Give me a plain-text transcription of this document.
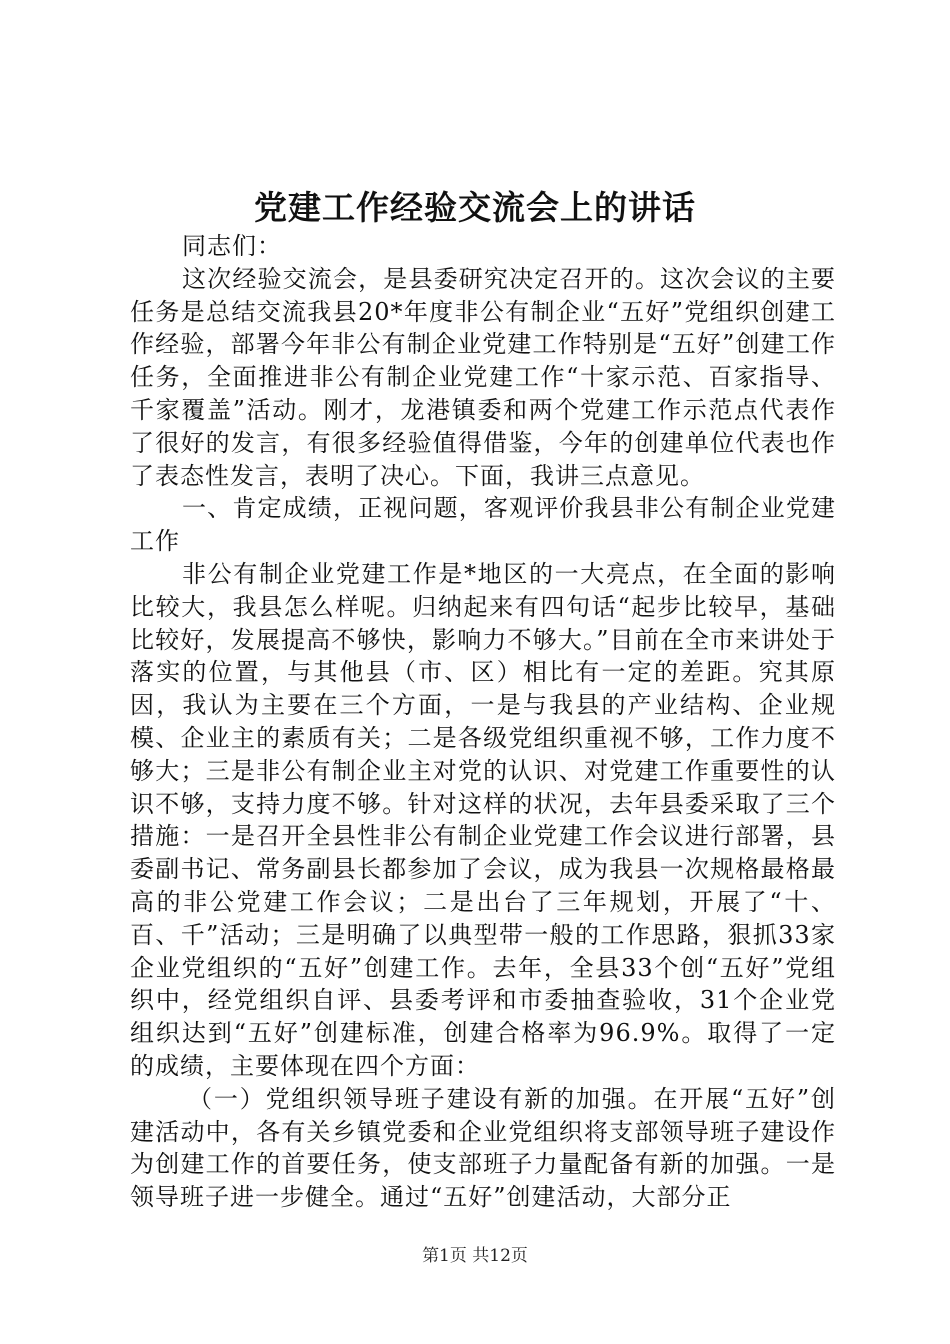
党建工作经验交流会上的讲话

同志们：

这次经验交流会，是县委研究决定召开的。这次会议的主要任务是总结交流我县20*年度非公有制企业“五好”党组织创建工作经验，部署今年非公有制企业党建工作特别是“五好”创建工作任务，全面推进非公有制企业党建工作“十家示范、百家指导、千家覆盖”活动。刚才，龙港镇委和两个党建工作示范点代表作了很好的发言，有很多经验值得借鉴，今年的创建单位代表也作了表态性发言，表明了决心。下面，我讲三点意见。

一、肯定成绩，正视问题，客观评价我县非公有制企业党建工作

非公有制企业党建工作是*地区的一大亮点，在全面的影响比较大，我县怎么样呢。归纳起来有四句话“起步比较早，基础比较好，发展提高不够快，影响力不够大。”目前在全市来讲处于落实的位置，与其他县（市、区）相比有一定的差距。究其原因，我认为主要在三个方面，一是与我县的产业结构、企业规模、企业主的素质有关；二是各级党组织重视不够，工作力度不够大；三是非公有制企业主对党的认识、对党建工作重要性的认识不够，支持力度不够。针对这样的状况，去年县委采取了三个措施：一是召开全县性非公有制企业党建工作会议进行部署，县委副书记、常务副县长都参加了会议，成为我县一次规格最格最高的非公党建工作会议；二是出台了三年规划，开展了“十、百、千”活动；三是明确了以典型带一般的工作思路，狠抓33家企业党组织的“五好”创建工作。去年，全县33个创“五好”党组织中，经党组织自评、县委考评和市委抽查验收，31个企业党组织达到“五好”创建标准，创建合格率为96.9%。取得了一定的成绩，主要体现在四个方面：

（一）党组织领导班子建设有新的加强。在开展“五好”创建活动中，各有关乡镇党委和企业党组织将支部领导班子建设作为创建工作的首要任务，使支部班子力量配备有新的加强。一是领导班子进一步健全。通过“五好”创建活动，大部分正

第1页 共12页
